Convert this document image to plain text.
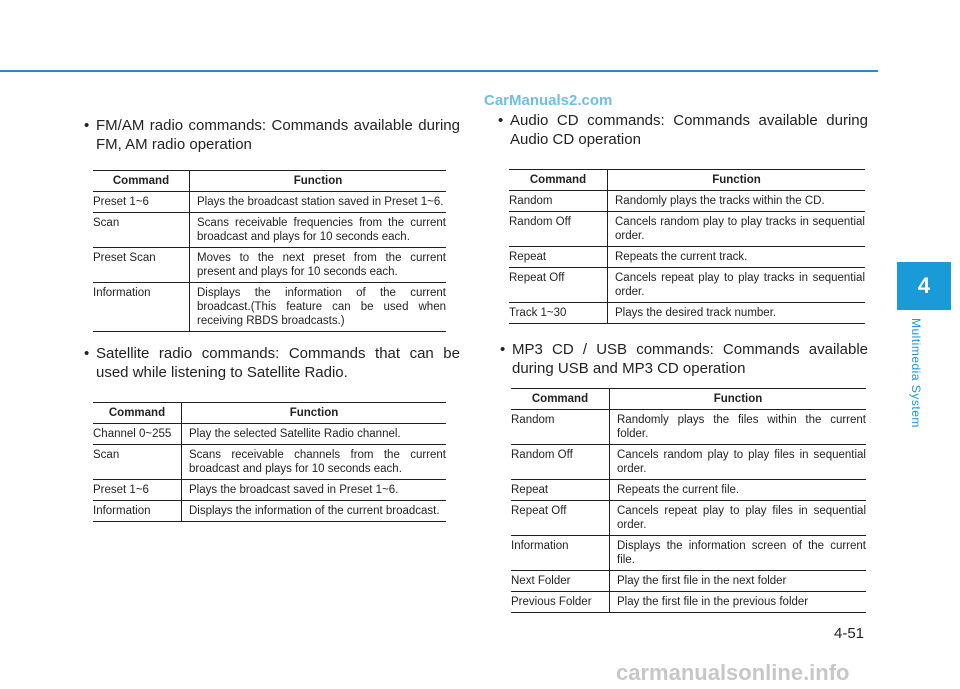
CarManuals2.com
• FM/AM radio commands: Commands available during FM, AM radio operation
Command	Function
Preset 1~6	Plays the broadcast station saved in Preset 1~6.
Scan	Scans receivable frequencies from the current broadcast and plays for 10 seconds each.
Preset Scan	Moves to the next preset from the current present and plays for 10 seconds each.
Information	Displays the information of the current broadcast.(This feature can be used when receiving RBDS broadcasts.)
• Satellite radio commands: Commands that can be used while listening to Satellite Radio.
Command	Function
Channel 0~255	Play the selected Satellite Radio channel.
Scan	Scans receivable channels from the current broadcast and plays for 10 seconds each.
Preset 1~6	Plays the broadcast saved in Preset 1~6.
Information	Displays the information of the current broadcast.
• Audio CD commands: Commands available during Audio CD operation
Command	Function
Random	Randomly plays the tracks within the CD.
Random Off	Cancels random play to play tracks in sequential order.
Repeat	Repeats the current track.
Repeat Off	Cancels repeat play to play tracks in sequential order.
Track 1~30	Plays the desired track number.
• MP3 CD / USB commands: Commands available during USB and MP3 CD operation
Command	Function
Random	Randomly plays the files within the current folder.
Random Off	Cancels random play to play files in sequential order.
Repeat	Repeats the current file.
Repeat Off	Cancels repeat play to play files in sequential order.
Information	Displays the information screen of the current file.
Next Folder	Play the first file in the next folder
Previous Folder	Play the first file in the previous folder
4
Multimedia System
4-51
carmanualsonline.info
